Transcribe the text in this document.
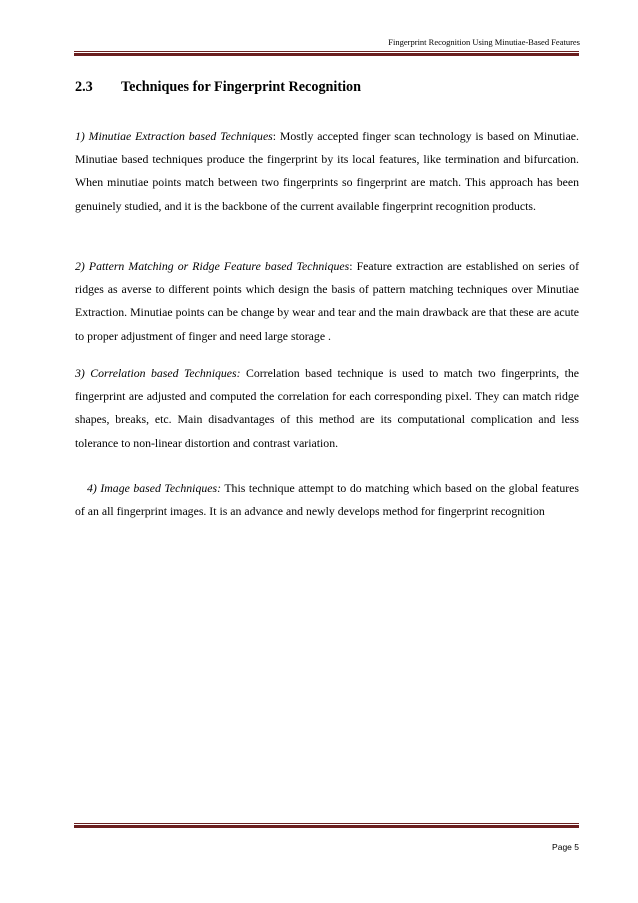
Fingerprint Recognition Using Minutiae-Based Features
2.3 Techniques for Fingerprint Recognition

1) Minutiae Extraction based Techniques: Mostly accepted finger scan technology is based on Minutiae. Minutiae based techniques produce the fingerprint by its local features, like termination and bifurcation. When minutiae points match between two fingerprints so fingerprint are match. This approach has been genuinely studied, and it is the backbone of the current available fingerprint recognition products.

2) Pattern Matching or Ridge Feature based Techniques: Feature extraction are established on series of ridges as averse to different points which design the basis of pattern matching techniques over Minutiae Extraction. Minutiae points can be change by wear and tear and the main drawback are that these are acute to proper adjustment of finger and need large storage .

3) Correlation based Techniques: Correlation based technique is used to match two fingerprints, the fingerprint are adjusted and computed the correlation for each corresponding pixel. They can match ridge shapes, breaks, etc. Main disadvantages of this method are its computational complication and less tolerance to non-linear distortion and contrast variation.

4) Image based Techniques: This technique attempt to do matching which based on the global features of an all fingerprint images. It is an advance and newly develops method for fingerprint recognition

Page 5
